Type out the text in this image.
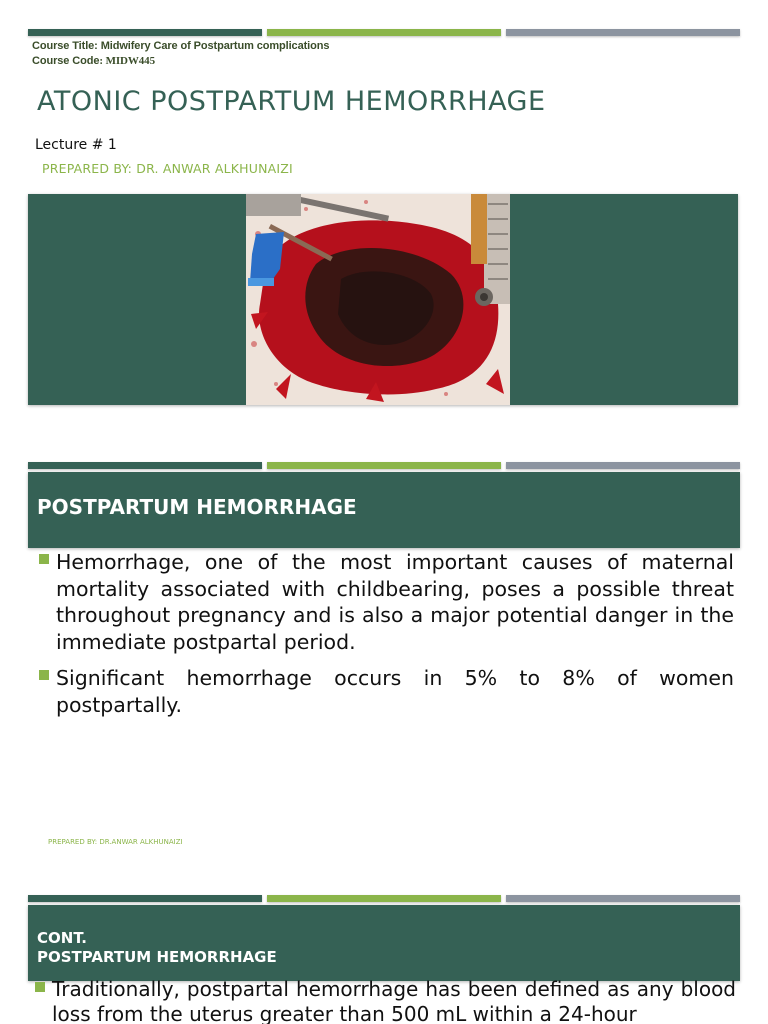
Course Title: Midwifery Care of Postpartum complications
Course Code: MIDW445
ATONIC POSTPARTUM HEMORRHAGE
Lecture # 1
PREPARED BY: DR. ANWAR ALKHUNAIZI
POSTPARTUM HEMORRHAGE
Hemorrhage, one of the most important causes of maternal mortality associated with childbearing, poses a possible threat throughout pregnancy and is also a major potential danger in the immediate postpartal period.
Significant hemorrhage occurs in 5% to 8% of women postpartally.
PREPARED BY: DR.ANWAR ALKHUNAIZI
CONT.
POSTPARTUM HEMORRHAGE
Traditionally, postpartal hemorrhage has been defined as any blood loss from the uterus greater than 500 mL within a 24-hour
